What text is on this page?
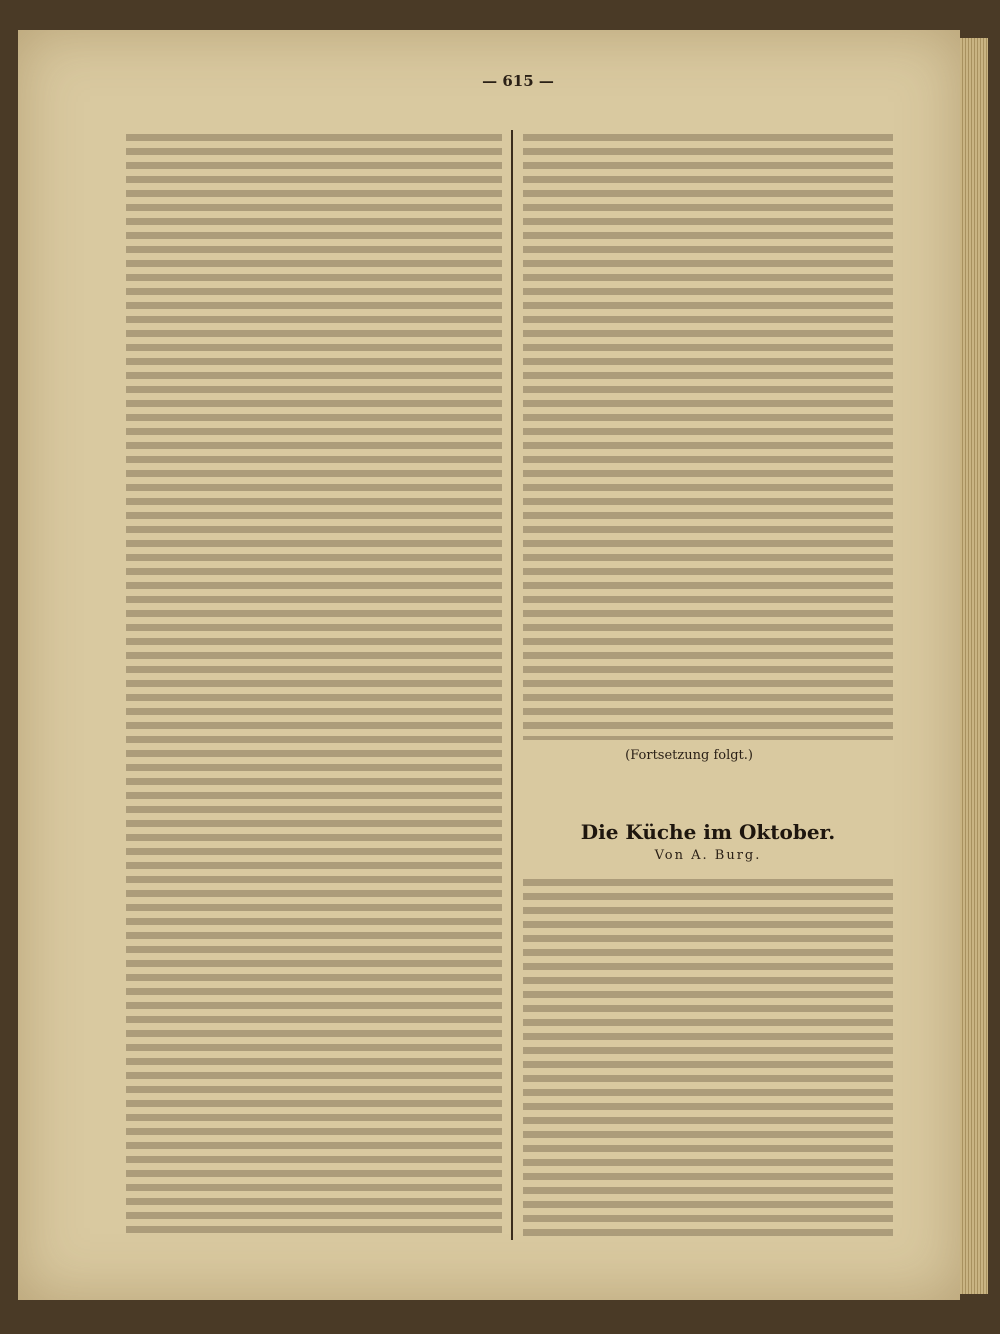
— 615 —
(Fortsetzung folgt.)
Die Küche im Oktober.
Von A. Burg.
